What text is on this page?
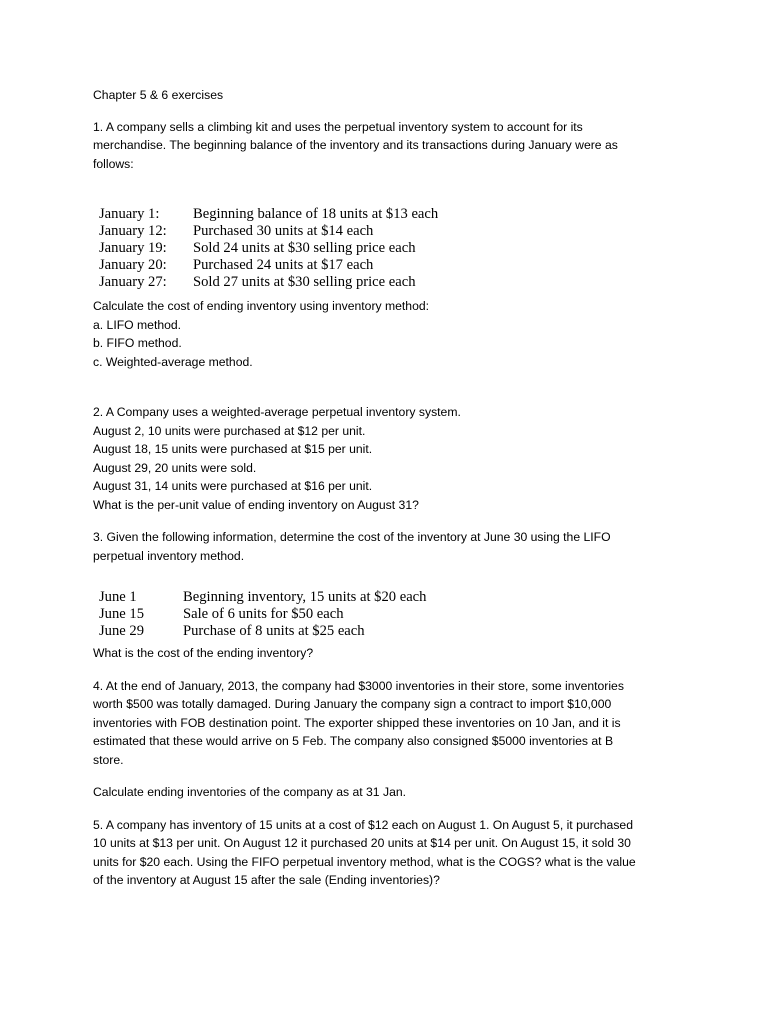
Chapter 5 & 6 exercises

1. A company sells a climbing kit and uses the perpetual inventory system to account for its

merchandise. The beginning balance of the inventory and its transactions during January were as

follows:

January 1:	Beginning balance of 18 units at $13 each
January 12:	Purchased 30 units at $14 each
January 19:	Sold 24 units at $30 selling price each
January 20:	Purchased 24 units at $17 each
January 27:	Sold 27 units at $30 selling price each

Calculate the cost of ending inventory using inventory method:

a. LIFO method.

b. FIFO method.

c. Weighted-average method.

2. A Company uses a weighted-average perpetual inventory system.

August 2, 10 units were purchased at $12 per unit.

August 18, 15 units were purchased at $15 per unit.

August 29, 20 units were sold.

August 31, 14 units were purchased at $16 per unit.

What is the per-unit value of ending inventory on August 31?

3. Given the following information, determine the cost of the inventory at June 30 using the LIFO

perpetual inventory method.

June 1	Beginning inventory, 15 units at $20 each
June 15	Sale of 6 units for $50 each
June 29	Purchase of 8 units at $25 each

What is the cost of the ending inventory?

4. At the end of January, 2013, the company had $3000 inventories in their store, some inventories

worth $500 was totally damaged. During January the company sign a contract to import $10,000

inventories with FOB destination point. The exporter shipped these inventories on 10 Jan, and it is

estimated that these would arrive on 5 Feb. The company also consigned $5000 inventories at B

store.

Calculate ending inventories of the company as at 31 Jan.

5. A company has inventory of 15 units at a cost of $12 each on August 1. On August 5, it purchased

10 units at $13 per unit. On August 12 it purchased 20 units at $14 per unit. On August 15, it sold 30

units for $20 each. Using the FIFO perpetual inventory method, what is the COGS? what is the value

of the inventory at August 15 after the sale (Ending inventories)?
